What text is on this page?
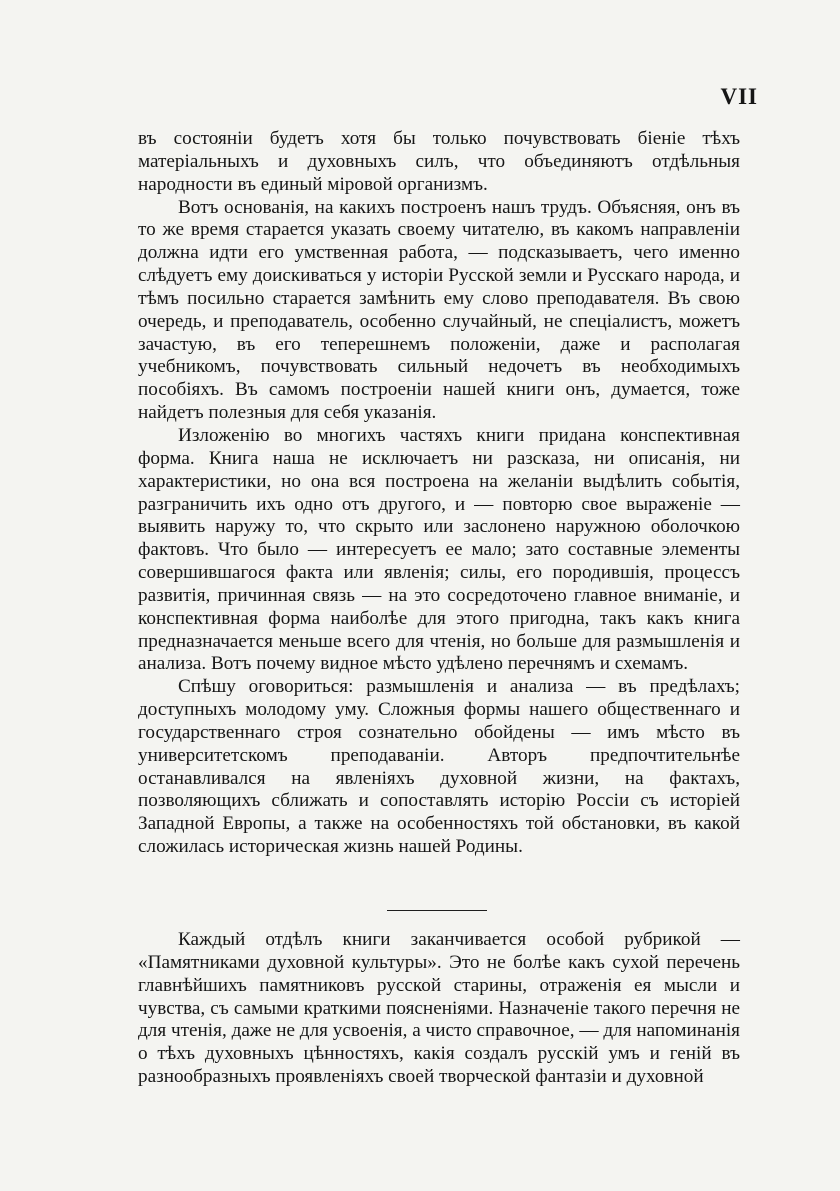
VII

въ состоянiи будетъ хотя бы только почувствовать бiенiе тѣхъ матерiальныхъ и духовныхъ силъ, что объединяютъ отдѣльныя народности въ единый мiровой организмъ.

Вотъ основанiя, на какихъ построенъ нашъ трудъ. Объясняя, онъ въ то же время старается указать своему читателю, въ какомъ направленiи должна идти его умственная работа, — подсказываетъ, чего именно слѣдуетъ ему доискиваться у исторiи Русской земли и Русскаго народа, и тѣмъ посильно старается замѣнить ему слово преподавателя. Въ свою очередь, и преподаватель, особенно случайный, не спецiалистъ, можетъ зачастую, въ его теперешнемъ положенiи, даже и располагая учебникомъ, почувствовать сильный недочетъ въ необходимыхъ пособiяхъ. Въ самомъ построенiи нашей книги онъ, думается, тоже найдетъ полезныя для себя указанiя.

Изложенiю во многихъ частяхъ книги придана конспективная форма. Книга наша не исключаетъ ни разсказа, ни описанiя, ни характеристики, но она вся построена на желанiи выдѣлить событiя, разграничить ихъ одно отъ другого, и — повторю свое выраженiе — выявить наружу то, что скрыто или заслонено наружною оболочкою фактовъ. Что было — интересуетъ ее мало; зато составные элементы совершившагося факта или явленiя; силы, его породившiя, процессъ развитiя, причинная связь — на это сосредоточено главное вниманiе, и конспективная форма наиболѣе для этого пригодна, такъ какъ книга предназначается меньше всего для чтенiя, но больше для размышленiя и анализа. Вотъ почему видное мѣсто удѣлено перечнямъ и схемамъ.

Спѣшу оговориться: размышленiя и анализа — въ предѣлахъ; доступныхъ молодому уму. Сложныя формы нашего общественнаго и государственнаго строя сознательно обойдены — имъ мѣсто въ университетскомъ преподаванiи. Авторъ предпочтительнѣе останавливался на явленiяхъ духовной жизни, на фактахъ, позволяющихъ сближать и сопоставлять исторiю Россiи съ исторiей Западной Европы, а также на особенностяхъ той обстановки, въ какой сложилась историческая жизнь нашей Родины.

Каждый отдѣлъ книги заканчивается особой рубрикой — «Памятниками духовной культуры». Это не болѣе какъ сухой перечень главнѣйшихъ памятниковъ русской старины, отраженiя ея мысли и чувства, съ самыми краткими поясненiями. Назначенiе такого перечня не для чтенiя, даже не для усвоенiя, а чисто справочное, — для напоминанiя о тѣхъ духовныхъ цѣнностяхъ, какiя создалъ русскiй умъ и генiй въ разнообразныхъ проявленiяхъ своей творческой фантазiи и духовной
